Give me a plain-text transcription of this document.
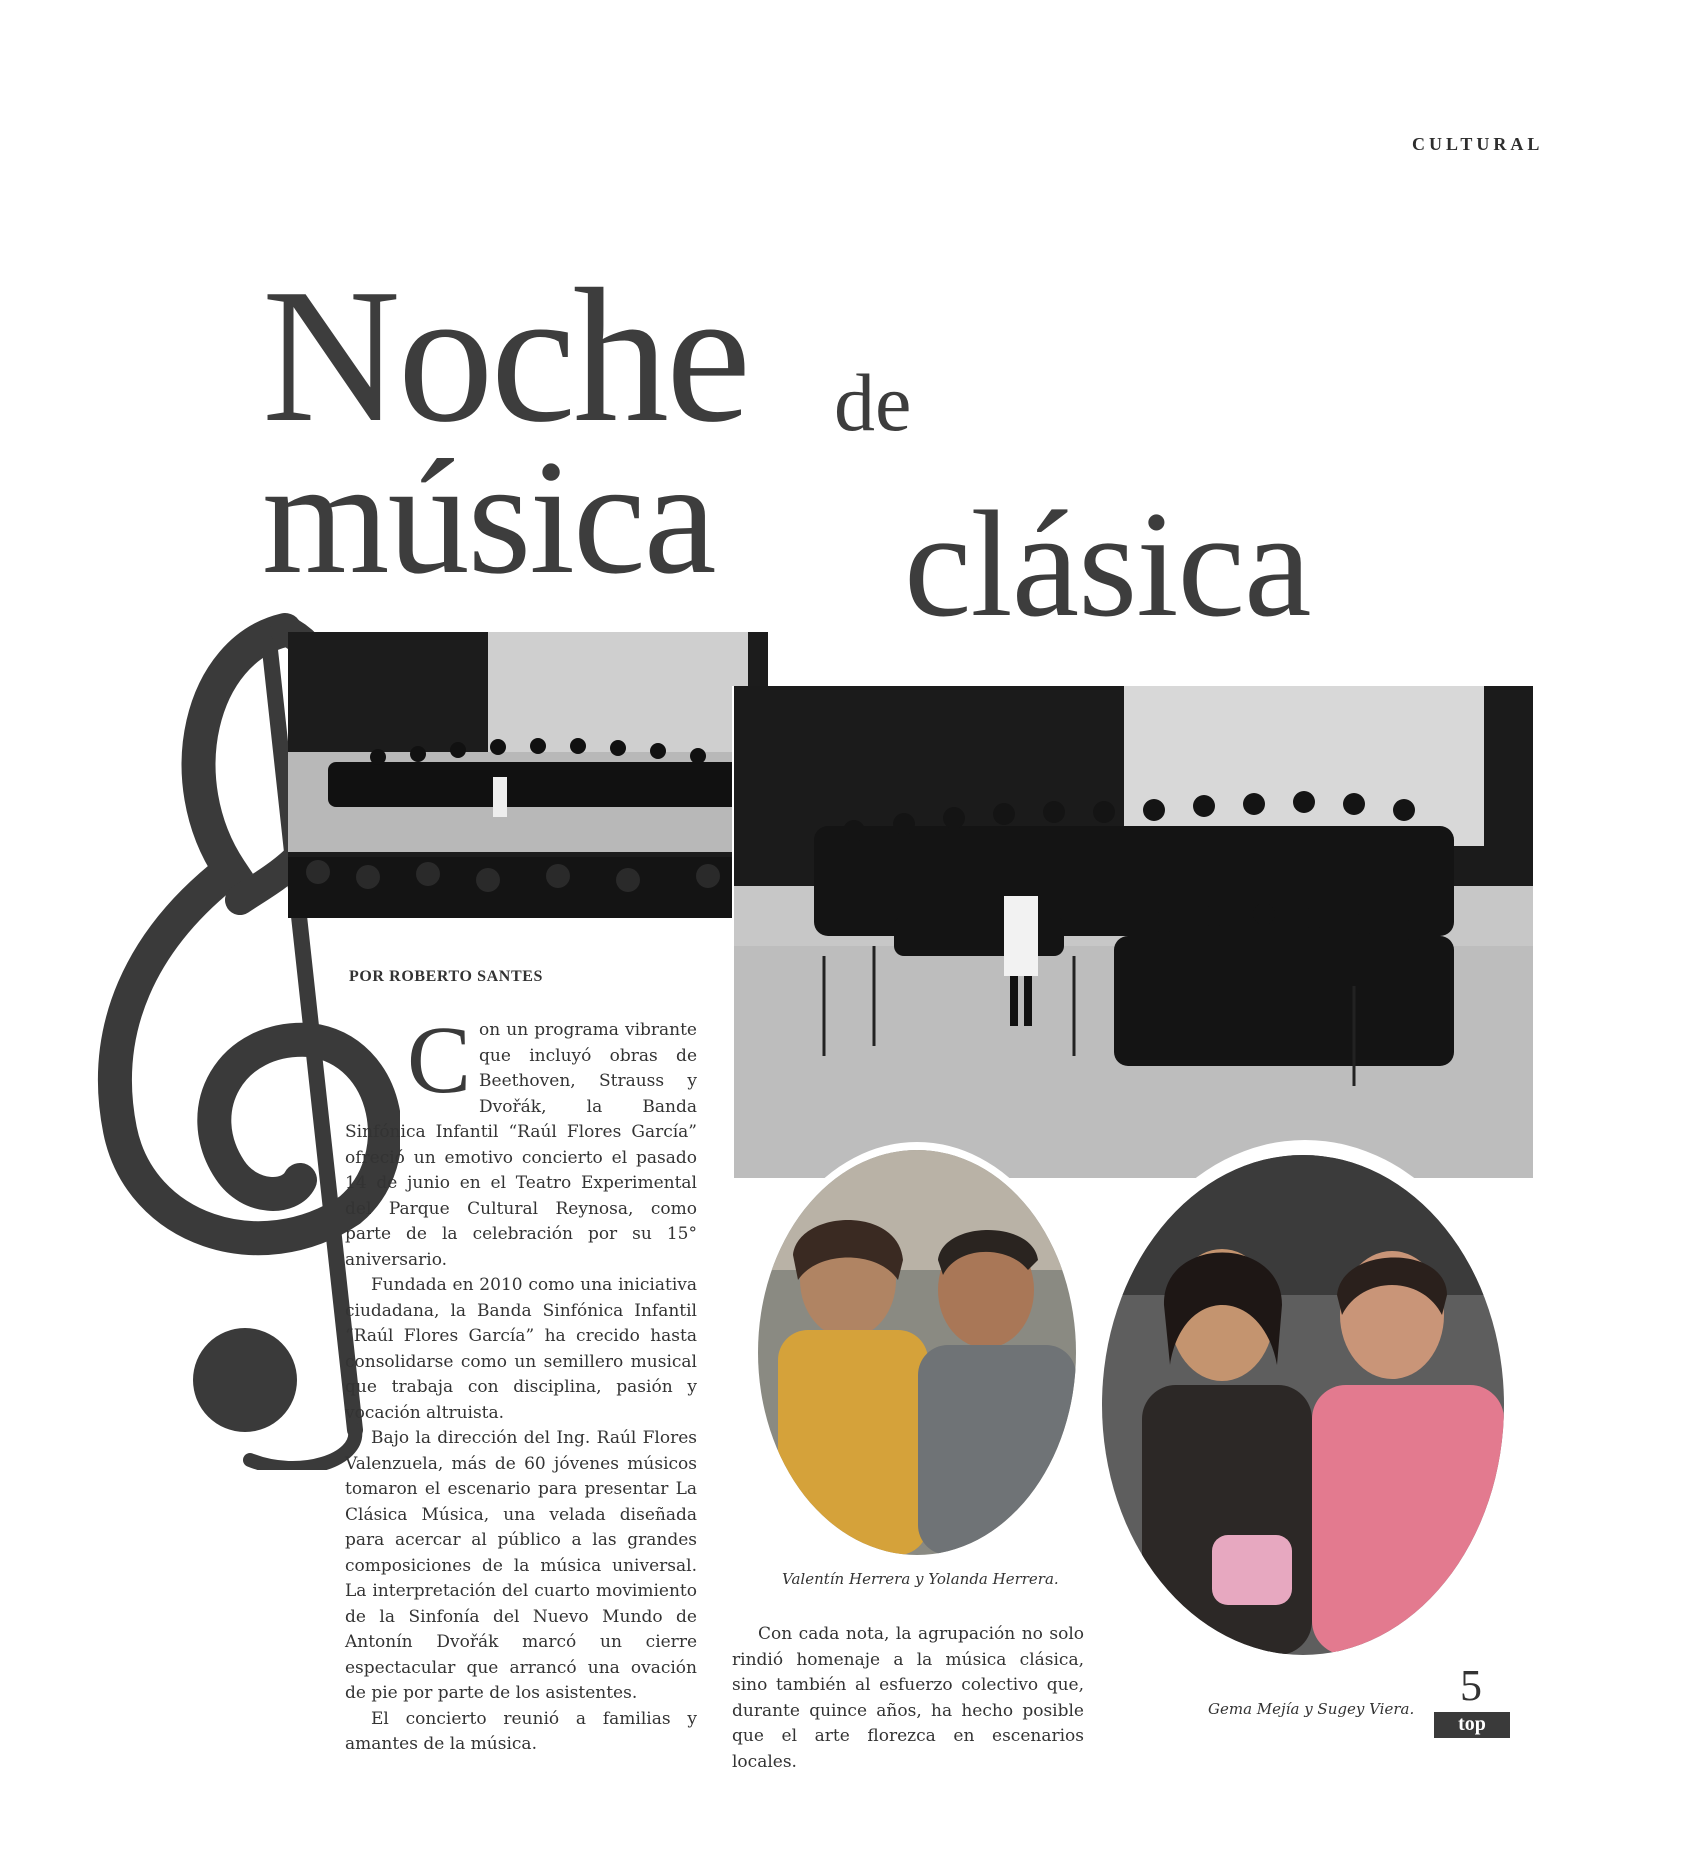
CULTURAL
Noche de
música clásica
POR ROBERTO SANTES
C on un programa vibrante que incluyó obras de Beethoven, Strauss y Dvořák, la Banda Sinfónica Infantil “Raúl Flores García” ofreció un emotivo concierto el pasado 14 de junio en el Teatro Experimental del Parque Cultural Reynosa, como parte de la celebración por su 15° aniversario.

Fundada en 2010 como una iniciativa ciudadana, la Banda Sinfónica Infantil “Raúl Flores García” ha crecido hasta consolidarse como un semillero musical que trabaja con disciplina, pasión y vocación altruista.

Bajo la dirección del Ing. Raúl Flores Valenzuela, más de 60 jóvenes músicos tomaron el escenario para presentar La Clásica Música, una velada diseñada para acercar al público a las grandes composiciones de la música universal. La interpretación del cuarto movimiento de la Sinfonía del Nuevo Mundo de Antonín Dvořák marcó un cierre espectacular que arrancó una ovación de pie por parte de los asistentes.

El concierto reunió a familias y amantes de la música.

Valentín Herrera y Yolanda Herrera.

Con cada nota, la agrupación no solo rindió homenaje a la música clásica, sino también al esfuerzo colectivo que, durante quince años, ha hecho posible que el arte florezca en escenarios locales.

Gema Mejía y Sugey Viera. 5
top
